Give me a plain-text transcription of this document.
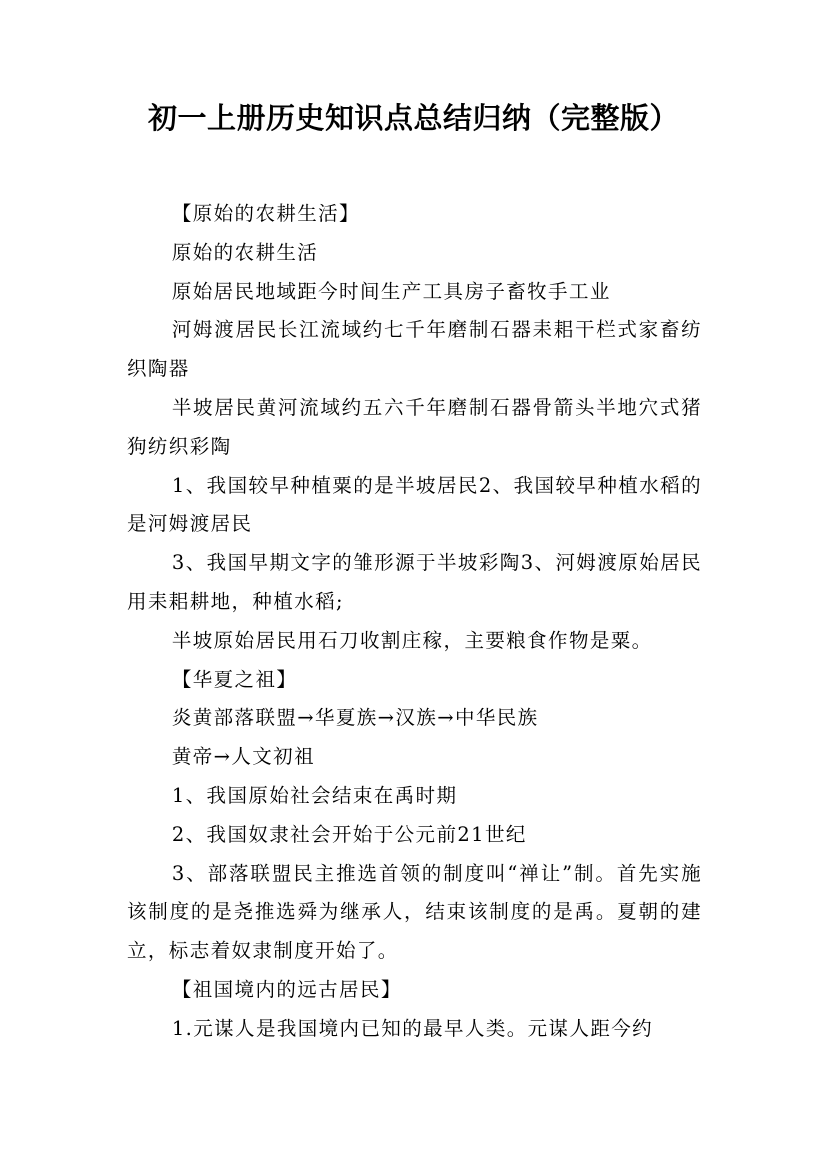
初一上册历史知识点总结归纳（完整版）

【原始的农耕生活】

原始的农耕生活

原始居民地域距今时间生产工具房子畜牧手工业

河姆渡居民长江流域约七千年磨制石器耒耜干栏式家畜纺织陶器

半坡居民黄河流域约五六千年磨制石器骨箭头半地穴式猪狗纺织彩陶

1、我国较早种植粟的是半坡居民2、我国较早种植水稻的是河姆渡居民

3、我国早期文字的雏形源于半坡彩陶3、河姆渡原始居民用耒耜耕地，种植水稻;

半坡原始居民用石刀收割庄稼，主要粮食作物是粟。

【华夏之祖】

炎黄部落联盟→华夏族→汉族→中华民族

黄帝→人文初祖

1、我国原始社会结束在禹时期

2、我国奴隶社会开始于公元前21世纪

3、部落联盟民主推选首领的制度叫“禅让”制。首先实施该制度的是尧推选舜为继承人，结束该制度的是禹。夏朝的建立，标志着奴隶制度开始了。

【祖国境内的远古居民】

1.元谋人是我国境内已知的最早人类。元谋人距今约
